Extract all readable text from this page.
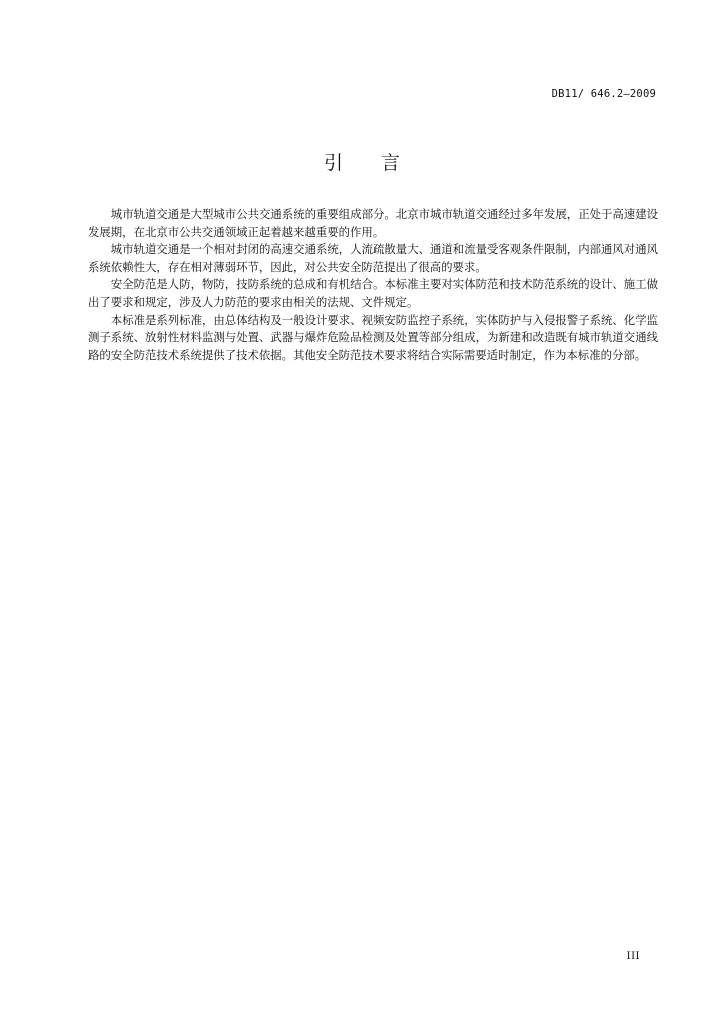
DB11/ 646.2—2009
引 言

城市轨道交通是大型城市公共交通系统的重要组成部分。北京市城市轨道交通经过多年发展，正处于高速建设发展期，在北京市公共交通领域正起着越来越重要的作用。

城市轨道交通是一个相对封闭的高速交通系统，人流疏散量大、通道和流量受客观条件限制，内部通风对通风系统依赖性大，存在相对薄弱环节，因此，对公共安全防范提出了很高的要求。

安全防范是人防，物防，技防系统的总成和有机结合。本标准主要对实体防范和技术防范系统的设计、施工做出了要求和规定，涉及人力防范的要求由相关的法规、文件规定。

本标准是系列标准，由总体结构及一般设计要求、视频安防监控子系统，实体防护与入侵报警子系统、化学监测子系统、放射性材料监测与处置、武器与爆炸危险品检测及处置等部分组成，为新建和改造既有城市轨道交通线路的安全防范技术系统提供了技术依据。其他安全防范技术要求将结合实际需要适时制定，作为本标准的分部。

III
